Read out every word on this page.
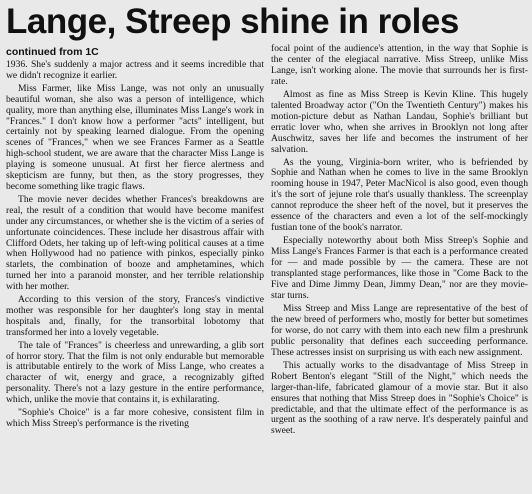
Lange, Streep shine in roles
continued from 1C

1936. She's suddenly a major actress and it seems incredible that we didn't recognize it earlier.

Miss Farmer, like Miss Lange, was not only an unusually beautiful woman, she also was a person of intelligence, which quality, more than anything else, illuminates Miss Lange's work in "Frances." I don't know how a performer "acts" intelligent, but certainly not by speaking learned dialogue. From the opening scenes of "Frances," when we see Frances Farmer as a Seattle high-school student, we are aware that the character Miss Lange is playing is someone unusual. At first her fierce alertness and skepticism are funny, but then, as the story progresses, they become something like tragic flaws.

The movie never decides whether Frances's breakdowns are real, the result of a condition that would have become manifest under any circumstances, or whether she is the victim of a series of unfortunate coincidences. These include her disastrous affair with Clifford Odets, her taking up of left-wing political causes at a time when Hollywood had no patience with pinkos, especially pinko starlets, the combination of booze and amphetamines, which turned her into a paranoid monster, and her terrible relationship with her mother.

According to this version of the story, Frances's vindictive mother was responsible for her daughter's long stay in mental hospitals and, finally, for the transorbital lobotomy that transformed her into a lovely vegetable.

The tale of "Frances" is cheerless and unrewarding, a glib sort of horror story. That the film is not only endurable but memorable is attributable entirely to the work of Miss Lange, who creates a character of wit, energy and grace, a recognizably gifted personality. There's not a lazy gesture in the entire performance, which, unlike the movie that contains it, is exhilarating.

"Sophie's Choice" is a far more cohesive, consistent film in which Miss Streep's performance is the riveting

focal point of the audience's attention, in the way that Sophie is the center of the elegiacal narrative. Miss Streep, unlike Miss Lange, isn't working alone. The movie that surrounds her is first-rate.

Almost as fine as Miss Streep is Kevin Kline. This hugely talented Broadway actor ("On the Twentieth Century") makes his motion-picture debut as Nathan Landau, Sophie's brilliant but erratic lover who, when she arrives in Brooklyn not long after Auschwitz, saves her life and becomes the instrument of her salvation.

As the young, Virginia-born writer, who is befriended by Sophie and Nathan when he comes to live in the same Brooklyn rooming house in 1947, Peter MacNicol is also good, even though it's the sort of jejune role that's usually thankless. The screenplay cannot reproduce the sheer heft of the novel, but it preserves the essence of the characters and even a lot of the self-mockingly fustian tone of the book's narrator.

Especially noteworthy about both Miss Streep's Sophie and Miss Lange's Frances Farmer is that each is a performance created for — and made possible by — the camera. These are not transplanted stage performances, like those in "Come Back to the Five and Dime Jimmy Dean, Jimmy Dean," nor are they movie-star turns.

Miss Streep and Miss Lange are representative of the best of the new breed of performers who, mostly for better but sometimes for worse, do not carry with them into each new film a preshrunk public personality that defines each succeeding performance. These actresses insist on surprising us with each new assignment.

This actually works to the disadvantage of Miss Streep in Robert Benton's elegant "Still of the Night," which needs the larger-than-life, fabricated glamour of a movie star. But it also ensures that nothing that Miss Streep does in "Sophie's Choice" is predictable, and that the ultimate effect of the performance is as urgent as the soothing of a raw nerve. It's desperately painful and sweet.
